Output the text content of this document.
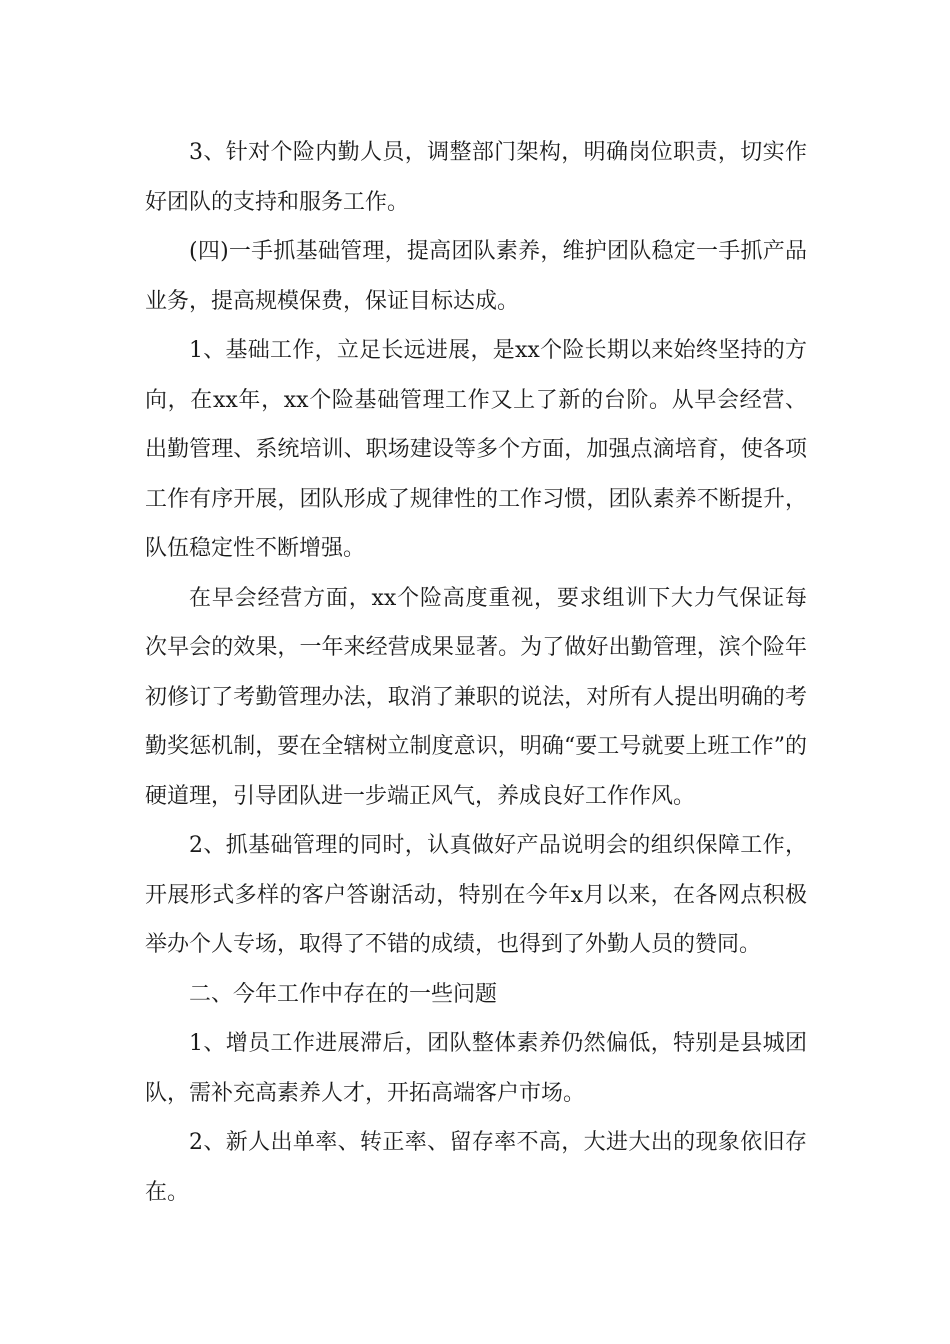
3、针对个险内勤人员，调整部门架构，明确岗位职责，切实作好团队的支持和服务工作。

(四)一手抓基础管理，提高团队素养，维护团队稳定一手抓产品业务，提高规模保费，保证目标达成。

1、基础工作，立足长远进展，是xx个险长期以来始终坚持的方向，在xx年，xx个险基础管理工作又上了新的台阶。从早会经营、出勤管理、系统培训、职场建设等多个方面，加强点滴培育，使各项工作有序开展，团队形成了规律性的工作习惯，团队素养不断提升，队伍稳定性不断增强。

在早会经营方面，xx个险高度重视，要求组训下大力气保证每次早会的效果，一年来经营成果显著。为了做好出勤管理，滨个险年初修订了考勤管理办法，取消了兼职的说法，对所有人提出明确的考勤奖惩机制，要在全辖树立制度意识，明确“要工号就要上班工作”的硬道理，引导团队进一步端正风气，养成良好工作作风。

2、抓基础管理的同时，认真做好产品说明会的组织保障工作，开展形式多样的客户答谢活动，特别在今年x月以来，在各网点积极举办个人专场，取得了不错的成绩，也得到了外勤人员的赞同。

二、今年工作中存在的一些问题

1、增员工作进展滞后，团队整体素养仍然偏低，特别是县城团队，需补充高素养人才，开拓高端客户市场。

2、新人出单率、转正率、留存率不高，大进大出的现象依旧存在。
